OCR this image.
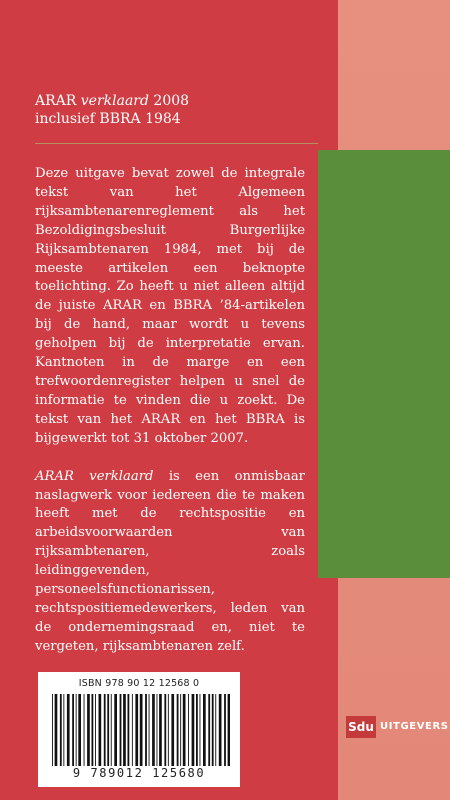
ARAR verklaard 2008
inclusief BBRA 1984

Deze uitgave bevat zowel de integrale tekst van het Algemeen rijksambtenarenreglement als het Bezoldigingsbesluit Burgerlijke Rijksambtenaren 1984, met bij de meeste artikelen een beknopte toelichting. Zo heeft u niet alleen altijd de juiste ARAR en BBRA ’84-artikelen bij de hand, maar wordt u tevens geholpen bij de interpretatie ervan. Kantnoten in de marge en een trefwoordenregister helpen u snel de informatie te vinden die u zoekt. De tekst van het ARAR en het BBRA is bijgewerkt tot 31 oktober 2007.

ARAR verklaard is een onmisbaar naslagwerk voor iedereen die te maken heeft met de rechtspositie en arbeidsvoorwaarden van rijksambtenaren, zoals leidinggevenden, personeelsfunctionarissen, rechtspositiemedewerkers, leden van de ondernemingsraad en, niet te vergeten, rijksambtenaren zelf.

ISBN 978 90 12 12568 0
9 789012 125680
Sdu UITGEVERS
